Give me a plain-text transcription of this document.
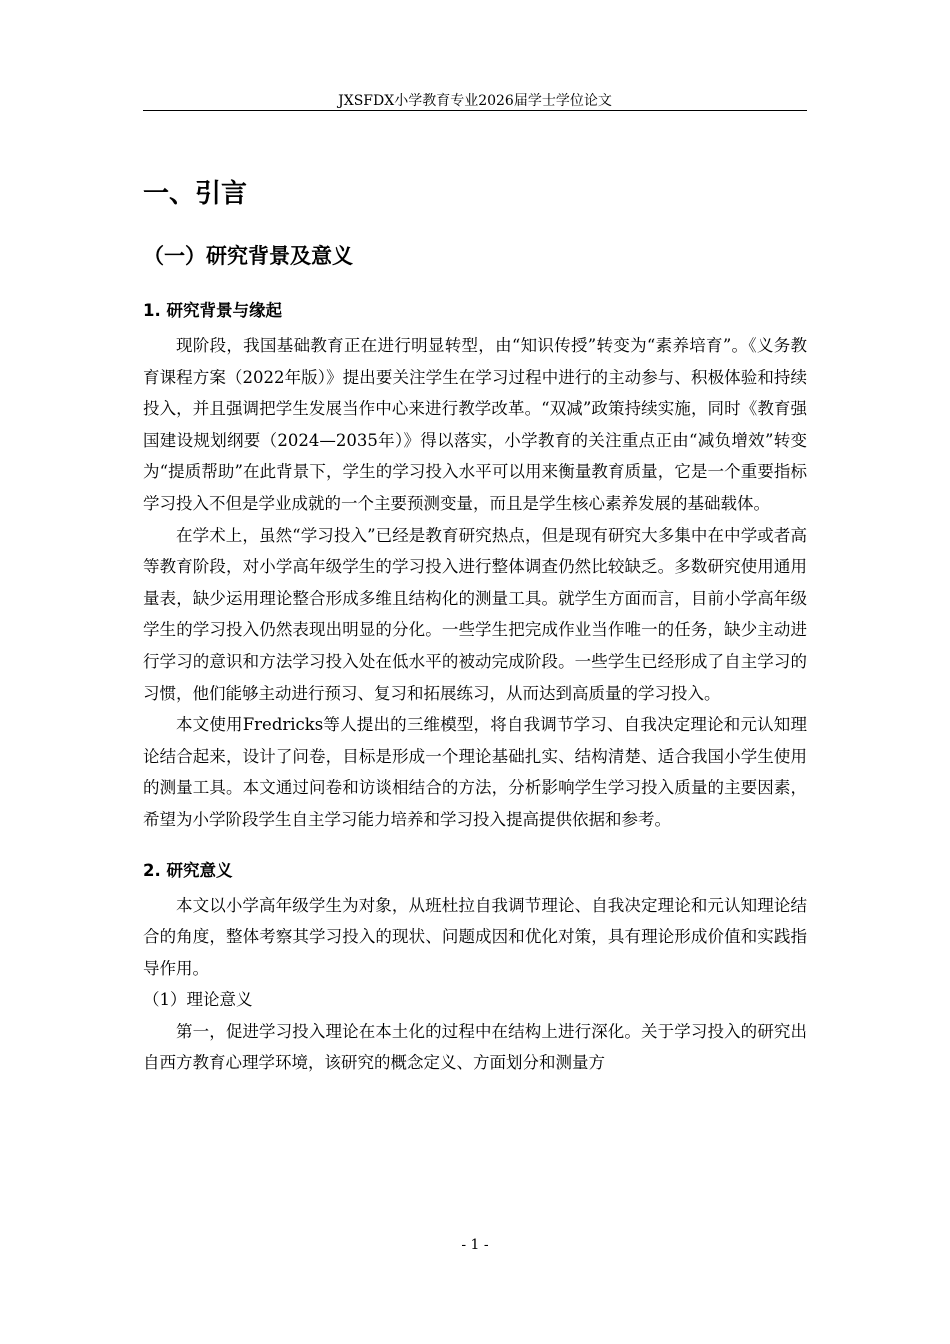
JXSFDX小学教育专业2026届学士学位论文
一、引言
（一）研究背景及意义
1. 研究背景与缘起

现阶段，我国基础教育正在进行明显转型，由“知识传授”转变为“素养培育”。《义务教育课程方案（2022年版）》提出要关注学生在学习过程中进行的主动参与、积极体验和持续投入，并且强调把学生发展当作中心来进行教学改革。“双减”政策持续实施，同时《教育强国建设规划纲要（2024—2035年）》得以落实，小学教育的关注重点正由“减负增效”转变为“提质帮助”在此背景下，学生的学习投入水平可以用来衡量教育质量，它是一个重要指标学习投入不但是学业成就的一个主要预测变量，而且是学生核心素养发展的基础载体。

在学术上，虽然“学习投入”已经是教育研究热点，但是现有研究大多集中在中学或者高等教育阶段，对小学高年级学生的学习投入进行整体调查仍然比较缺乏。多数研究使用通用量表，缺少运用理论整合形成多维且结构化的测量工具。就学生方面而言，目前小学高年级学生的学习投入仍然表现出明显的分化。一些学生把完成作业当作唯一的任务，缺少主动进行学习的意识和方法学习投入处在低水平的被动完成阶段。一些学生已经形成了自主学习的习惯，他们能够主动进行预习、复习和拓展练习，从而达到高质量的学习投入。

本文使用Fredricks等人提出的三维模型，将自我调节学习、自我决定理论和元认知理论结合起来，设计了问卷，目标是形成一个理论基础扎实、结构清楚、适合我国小学生使用的测量工具。本文通过问卷和访谈相结合的方法，分析影响学生学习投入质量的主要因素，希望为小学阶段学生自主学习能力培养和学习投入提高提供依据和参考。

2. 研究意义

本文以小学高年级学生为对象，从班杜拉自我调节理论、自我决定理论和元认知理论结合的角度，整体考察其学习投入的现状、问题成因和优化对策，具有理论形成价值和实践指导作用。

（1）理论意义

第一，促进学习投入理论在本土化的过程中在结构上进行深化。关于学习投入的研究出自西方教育心理学环境，该研究的概念定义、方面划分和测量方

- 1 -
